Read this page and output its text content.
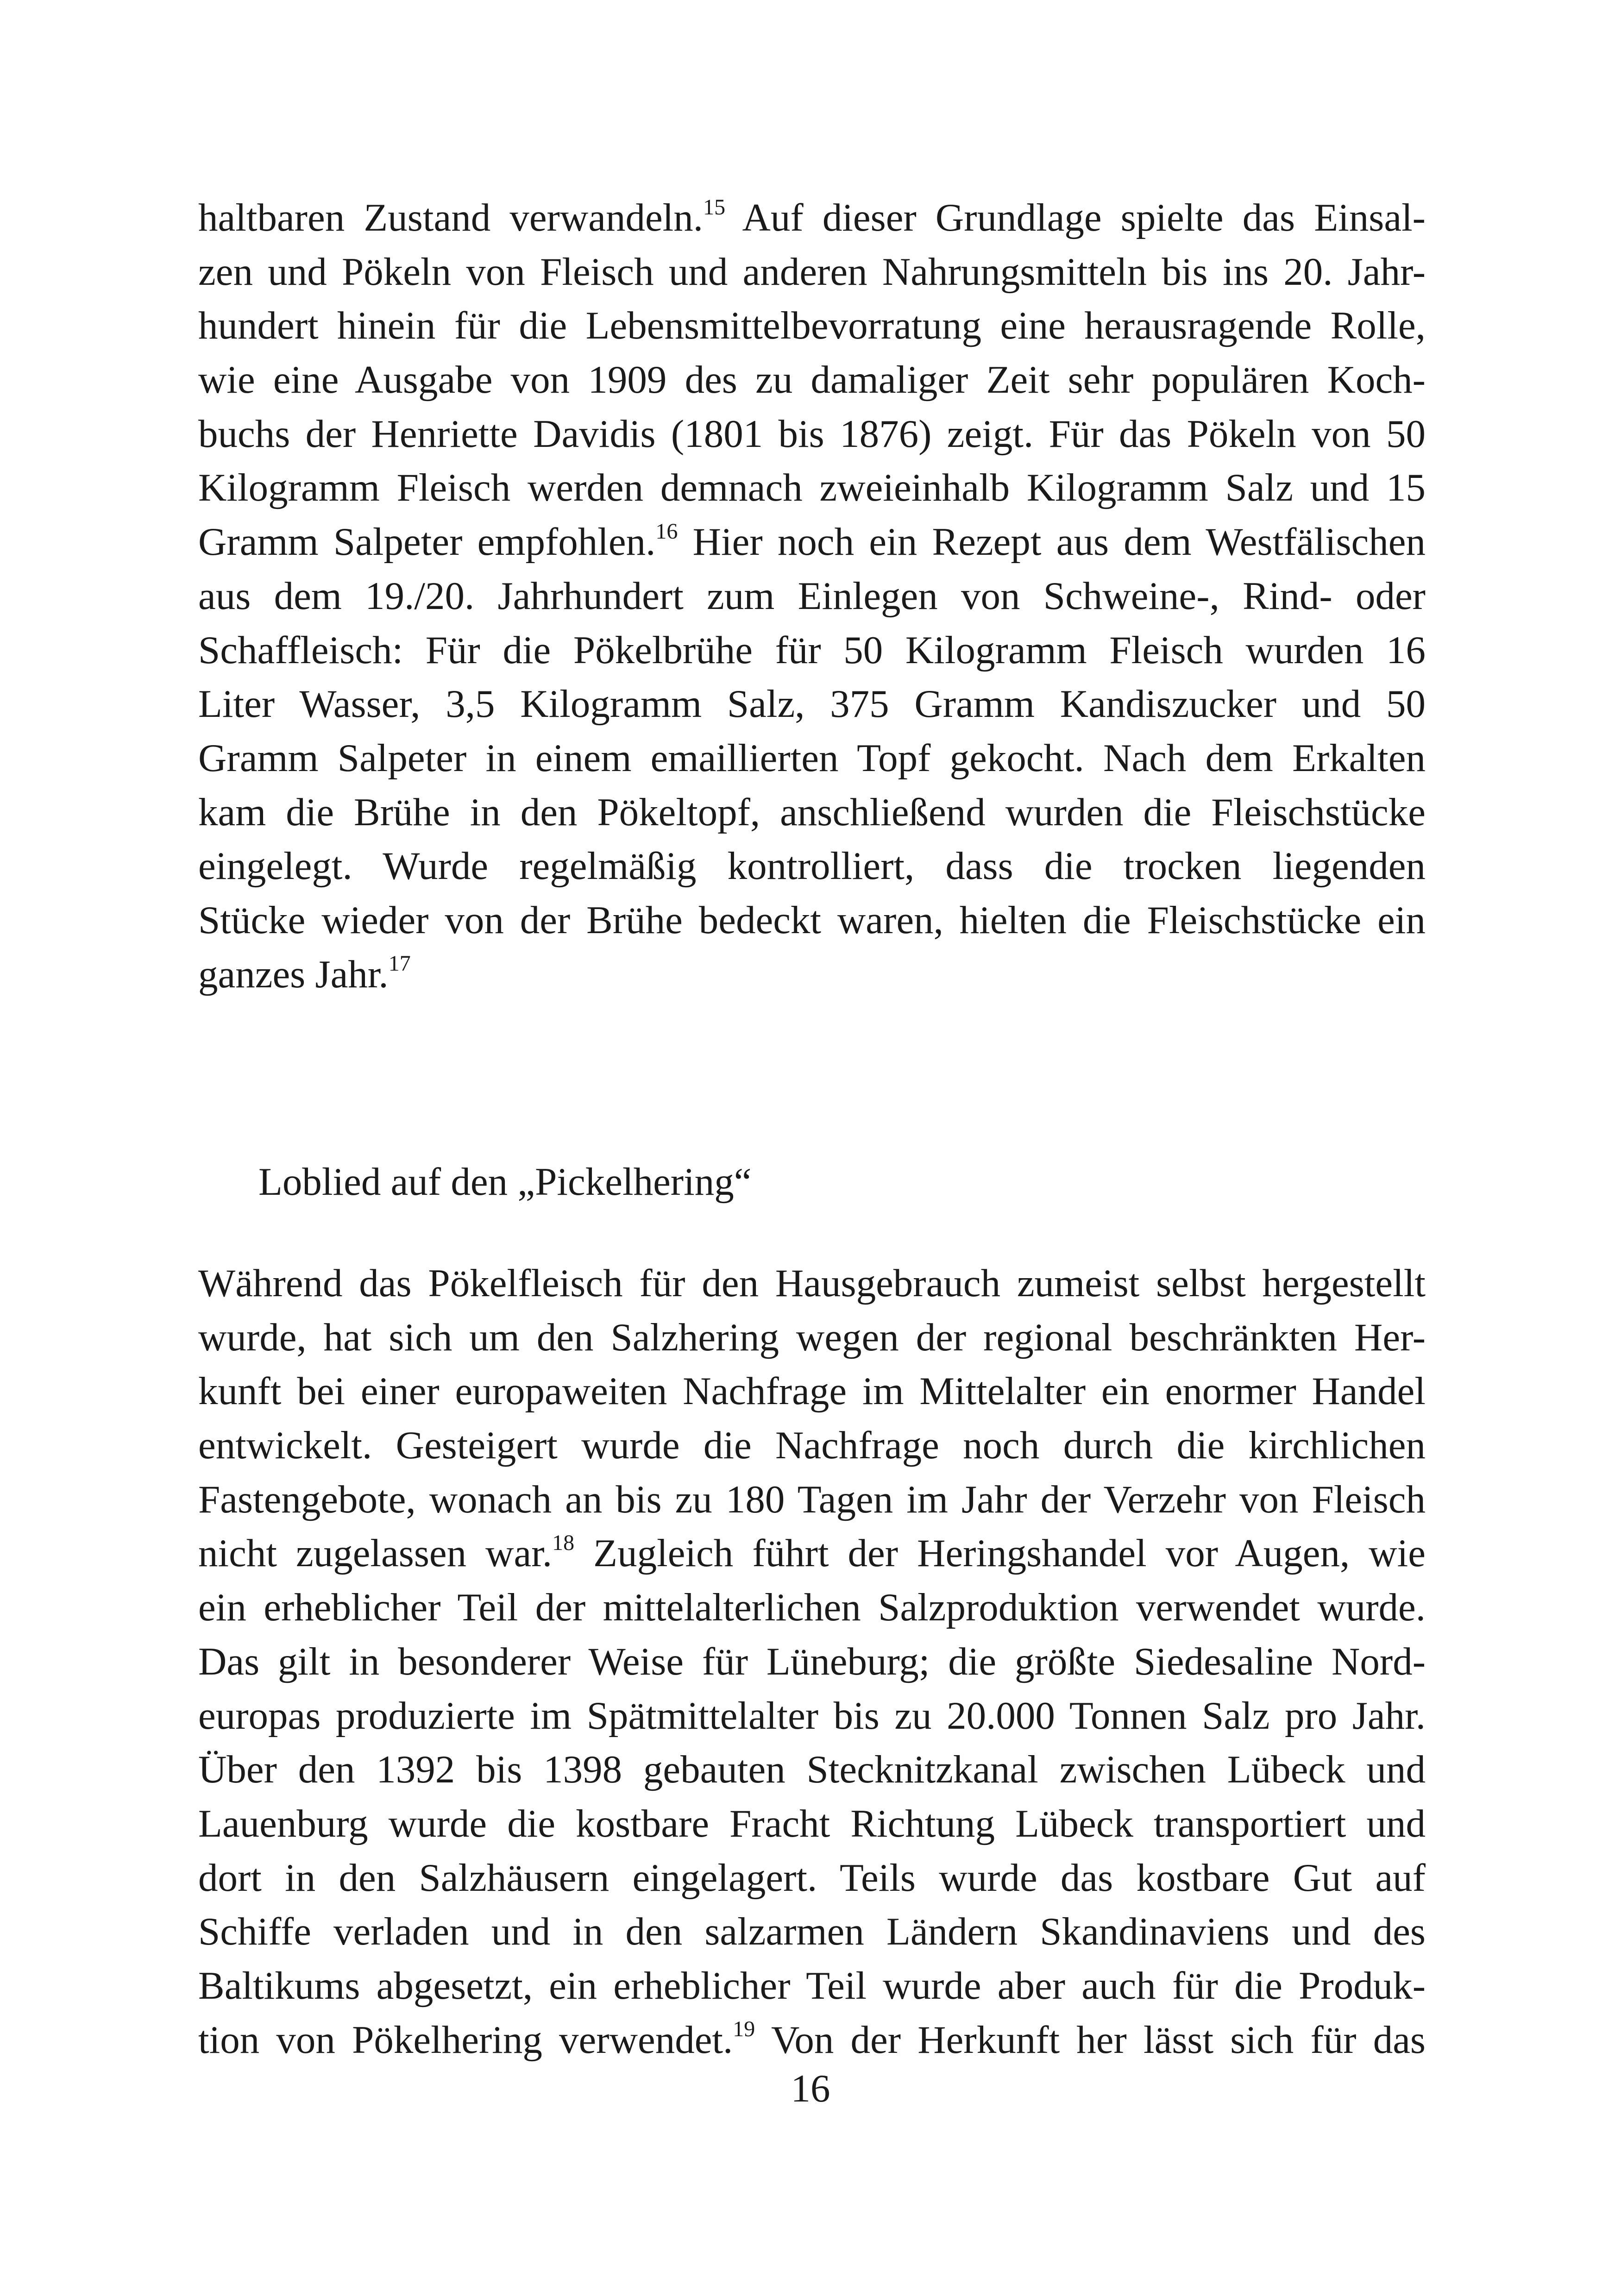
haltbaren Zustand verwandeln.$^{15}$ Auf dieser Grundlage spielte das Einsal-
zen und Pökeln von Fleisch und anderen Nahrungsmitteln bis ins 20. Jahr-
hundert hinein für die Lebensmittelbevorratung eine herausragende Rolle,
wie eine Ausgabe von 1909 des zu damaliger Zeit sehr populären Koch-
buchs der Henriette Davidis (1801 bis 1876) zeigt. Für das Pökeln von 50
Kilogramm Fleisch werden demnach zweieinhalb Kilogramm Salz und 15
Gramm Salpeter empfohlen.$^{16}$ Hier noch ein Rezept aus dem Westfälischen
aus dem 19./20. Jahrhundert zum Einlegen von Schweine-, Rind- oder
Schaffleisch: Für die Pökelbrühe für 50 Kilogramm Fleisch wurden 16
Liter Wasser, 3,5 Kilogramm Salz, 375 Gramm Kandiszucker und 50
Gramm Salpeter in einem emaillierten Topf gekocht. Nach dem Erkalten
kam die Brühe in den Pökeltopf, anschließend wurden die Fleischstücke
eingelegt. Wurde regelmäßig kontrolliert, dass die trocken liegenden
Stücke wieder von der Brühe bedeckt waren, hielten die Fleischstücke ein
ganzes Jahr.$^{17}$
Loblied auf den „Pickelhering“
Während das Pökelfleisch für den Hausgebrauch zumeist selbst hergestellt
wurde, hat sich um den Salzhering wegen der regional beschränkten Her-
kunft bei einer europaweiten Nachfrage im Mittelalter ein enormer Handel
entwickelt. Gesteigert wurde die Nachfrage noch durch die kirchlichen
Fastengebote, wonach an bis zu 180 Tagen im Jahr der Verzehr von Fleisch
nicht zugelassen war.$^{18}$ Zugleich führt der Heringshandel vor Augen, wie
ein erheblicher Teil der mittelalterlichen Salzproduktion verwendet wurde.
Das gilt in besonderer Weise für Lüneburg; die größte Siedesaline Nord-
europas produzierte im Spätmittelalter bis zu 20.000 Tonnen Salz pro Jahr.
Über den 1392 bis 1398 gebauten Stecknitzkanal zwischen Lübeck und
Lauenburg wurde die kostbare Fracht Richtung Lübeck transportiert und
dort in den Salzhäusern eingelagert. Teils wurde das kostbare Gut auf
Schiffe verladen und in den salzarmen Ländern Skandinaviens und des
Baltikums abgesetzt, ein erheblicher Teil wurde aber auch für die Produk-
tion von Pökelhering verwendet.$^{19}$ Von der Herkunft her lässt sich für das
16
